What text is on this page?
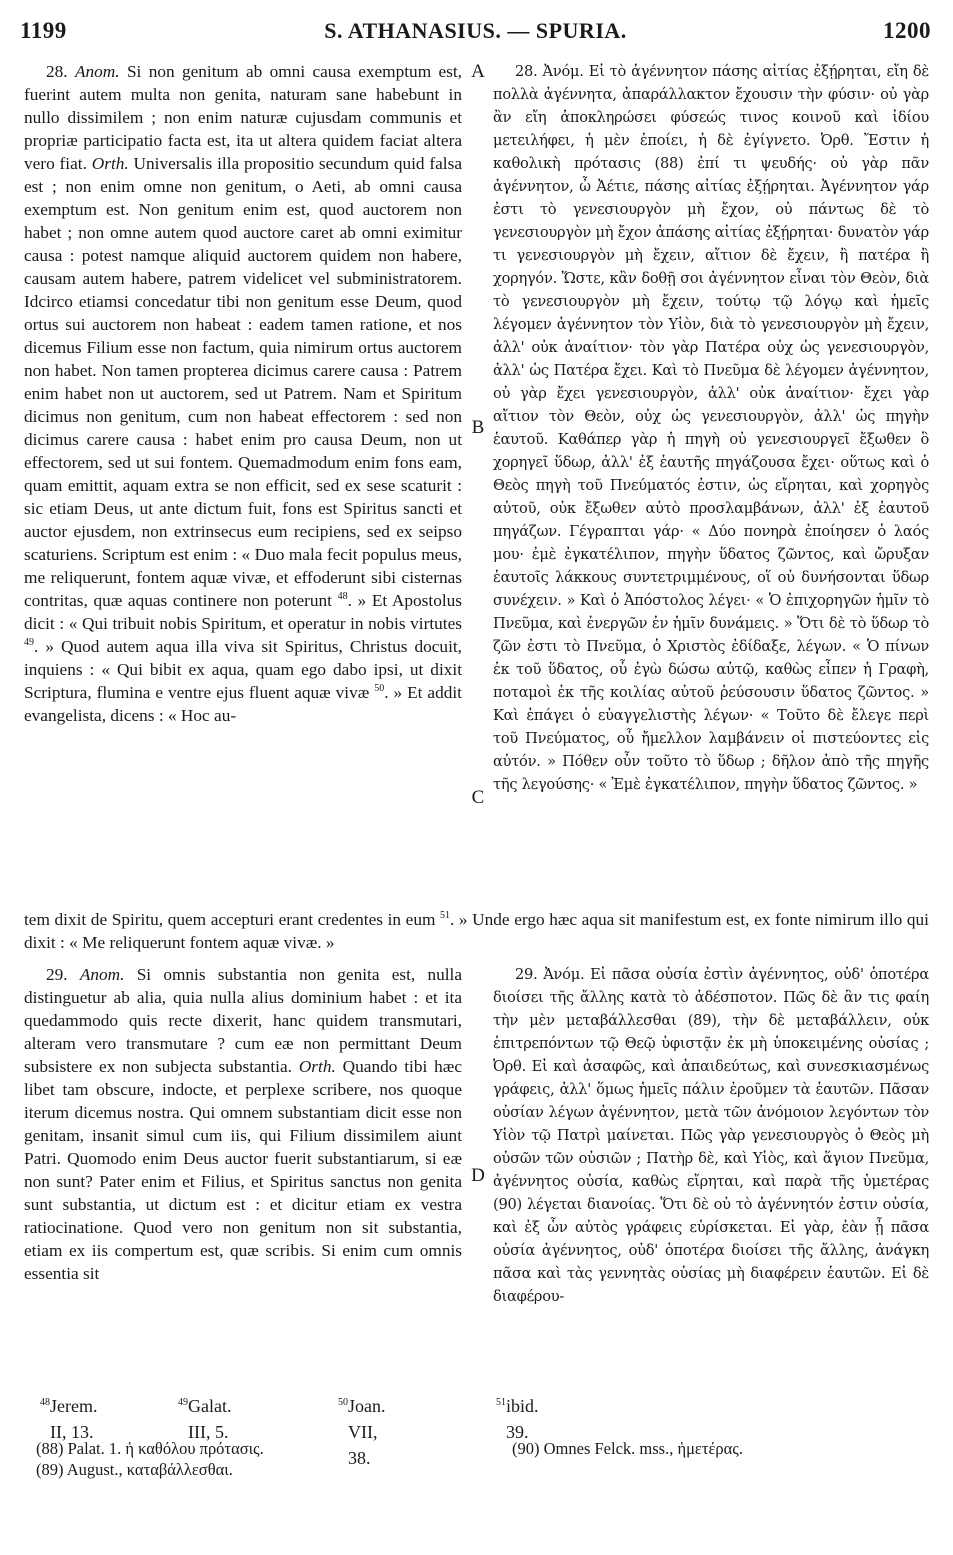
1199	S. ATHANASIUS. — SPURIA.	1200

28. Anom. Si non genitum ab omni causa exemptum est, fuerint autem multa non genita, naturam sane habebunt in nullo dissimilem ; non enim naturæ cujusdam communis et propriæ participatio facta est, ita ut altera quidem faciat altera vero fiat. Orth. Universalis illa propositio secundum quid falsa est ; non enim omne non genitum, o Aeti, ab omni causa exemptum est. Non genitum enim est, quod auctorem non habet ; non omne autem quod auctore caret ab omni eximitur causa : potest namque aliquid auctorem quidem non habere, causam autem habere, patrem videlicet vel subministratorem. Idcirco etiamsi concedatur tibi non genitum esse Deum, quod ortus sui auctorem non habeat : eadem tamen ratione, et nos dicemus Filium esse non factum, quia nimirum ortus auctorem non habet. Non tamen propterea dicimus carere causa : Patrem enim habet non ut auctorem, sed ut Patrem. Nam et Spiritum dicimus non genitum, cum non habeat effectorem : sed non dicimus carere causa : habet enim pro causa Deum, non ut effectorem, sed ut sui fontem. Quemadmodum enim fons eam, quam emittit, aquam extra se non efficit, sed ex sese scaturit : sic etiam Deus, ut ante dictum fuit, fons est Spiritus sancti et auctor ejusdem, non extrinsecus eum recipiens, sed ex seipso scaturiens. Scriptum est enim : « Duo mala fecit populus meus, me reliquerunt, fontem aquæ vivæ, et effoderunt sibi cisternas contritas, quæ aquas continere non poterunt $^{48}$. » Et Apostolus dicit : « Qui tribuit nobis Spiritum, et operatur in nobis virtutes $^{49}$. » Quod autem aqua illa viva sit Spiritus, Christus docuit, inquiens : « Qui bibit ex aqua, quam ego dabo ipsi, ut dixit Scriptura, flumina e ventre ejus fluent aquæ vivæ $^{50}$. » Et addit evangelista, dicens : « Hoc au-

28. Ἀνόμ. Εἰ τὸ ἀγέννητον πάσης αἰτίας ἐξῄρηται, εἴη δὲ πολλὰ ἀγέννητα, ἀπαράλλακτον ἔχουσιν τὴν φύσιν· οὐ γὰρ ἂν εἴη ἀποκληρώσει φύσεώς τινος κοινοῦ καὶ ἰδίου μετειλήφει, ἡ μὲν ἐποίει, ἡ δὲ ἐγίγνετο. Ὀρθ. Ἔστιν ἡ καθολικὴ πρότασις (88) ἐπί τι ψευδής· οὐ γὰρ πᾶν ἀγέννητον, ὦ Ἀέτιε, πάσης αἰτίας ἐξῄρηται. Ἀγέννητον γάρ ἐστι τὸ γενεσιουργὸν μὴ ἔχον, οὐ πάντως δὲ τὸ γενεσιουργὸν μὴ ἔχον ἁπάσης αἰτίας ἐξῄρηται· δυνατὸν γάρ τι γενεσιουργὸν μὴ ἔχειν, αἴτιον δὲ ἔχειν, ἢ πατέρα ἢ χορηγόν. Ὥστε, κἂν δοθῇ σοι ἀγέννητον εἶναι τὸν Θεὸν, διὰ τὸ γενεσιουργὸν μὴ ἔχειν, τούτῳ τῷ λόγῳ καὶ ἡμεῖς λέγομεν ἀγέννητον τὸν Υἱὸν, διὰ τὸ γενεσιουργὸν μὴ ἔχειν, ἀλλ' οὐκ ἀναίτιον· τὸν γὰρ Πατέρα οὐχ ὡς γενεσιουργὸν, ἀλλ' ὡς Πατέρα ἔχει. Καὶ τὸ Πνεῦμα δὲ λέγομεν ἀγέννητον, οὐ γὰρ ἔχει γενεσιουργὸν, ἀλλ' οὐκ ἀναίτιον· ἔχει γὰρ αἴτιον τὸν Θεὸν, οὐχ ὡς γενεσιουργὸν, ἀλλ' ὡς πηγὴν ἑαυτοῦ. Καθάπερ γὰρ ἡ πηγὴ οὐ γενεσιουργεῖ ἔξωθεν ὃ χορηγεῖ ὕδωρ, ἀλλ' ἐξ ἑαυτῆς πηγάζουσα ἔχει· οὕτως καὶ ὁ Θεὸς πηγὴ τοῦ Πνεύματός ἐστιν, ὡς εἴρηται, καὶ χορηγὸς αὐτοῦ, οὐκ ἔξωθεν αὐτὸ προσλαμβάνων, ἀλλ' ἐξ ἑαυτοῦ πηγάζων. Γέγραπται γάρ· « Δύο πονηρὰ ἐποίησεν ὁ λαός μου· ἐμὲ ἐγκατέλιπον, πηγὴν ὕδατος ζῶντος, καὶ ὤρυξαν ἑαυτοῖς λάκκους συντετριμμένους, οἵ οὐ δυνήσονται ὕδωρ συνέχειν. » Καὶ ὁ Ἀπόστολος λέγει· « Ὁ ἐπιχορηγῶν ἡμῖν τὸ Πνεῦμα, καὶ ἐνεργῶν ἐν ἡμῖν δυνάμεις. » Ὅτι δὲ τὸ ὕδωρ τὸ ζῶν ἐστι τὸ Πνεῦμα, ὁ Χριστὸς ἐδίδαξε, λέγων. « Ὁ πίνων ἐκ τοῦ ὕδατος, οὗ ἐγὼ δώσω αὐτῷ, καθὼς εἶπεν ἡ Γραφὴ, ποταμοὶ ἐκ τῆς κοιλίας αὐτοῦ ῥεύσουσιν ὕδατος ζῶντος. » Καὶ ἐπάγει ὁ εὐαγγελιστὴς λέγων· « Τοῦτο δὲ ἔλεγε περὶ τοῦ Πνεύματος, οὗ ἤμελλον λαμβάνειν οἱ πιστεύοντες εἰς αὐτόν. » Πόθεν οὖν τοῦτο τὸ ὕδωρ ; δῆλον ἀπὸ τῆς πηγῆς τῆς λεγούσης· « Ἐμὲ ἐγκατέλιπον, πηγὴν ὕδατος ζῶντος. »

A
B
C
D
tem dixit de Spiritu, quem accepturi erant credentes in eum $^{51}$. » Unde ergo hæc aqua sit manifestum est, ex fonte nimirum illo qui dixit : « Me reliquerunt fontem aquæ vivæ. »

29. Anom. Si omnis substantia non genita est, nulla distinguetur ab alia, quia nulla alius dominium habet : et ita quedammodo quis recte dixerit, hanc quidem transmutari, alteram vero transmutare ? cum eæ non permittant Deum subsistere ex non subjecta substantia. Orth. Quando tibi hæc libet tam obscure, indocte, et perplexe scribere, nos quoque iterum dicemus nostra. Qui omnem substantiam dicit esse non genitam, insanit simul cum iis, qui Filium dissimilem aiunt Patri. Quomodo enim Deus auctor fuerit substantiarum, si eæ non sunt? Pater enim et Filius, et Spiritus sanctus non genita sunt substantia, ut dictum est : et dicitur etiam ex vestra ratiocinatione. Quod vero non genitum non sit substantia, etiam ex iis compertum est, quæ scribis. Si enim cum omnis essentia sit

29. Ἀνόμ. Εἰ πᾶσα οὐσία ἐστὶν ἀγέννητος, οὐδ' ὁποτέρα διοίσει τῆς ἄλλης κατὰ τὸ ἀδέσποτον. Πῶς δὲ ἂν τις φαίη τὴν μὲν μεταβάλλεσθαι (89), τὴν δὲ μεταβάλλειν, οὐκ ἐπιτρεπόντων τῷ Θεῷ ὑφιστᾷν ἐκ μὴ ὑποκειμένης οὐσίας ; Ὀρθ. Εἰ καὶ ἀσαφῶς, καὶ ἀπαιδεύτως, καὶ συνεσκιασμένως γράφεις, ἀλλ' ὅμως ἡμεῖς πάλιν ἐροῦμεν τὰ ἑαυτῶν. Πᾶσαν οὐσίαν λέγων ἀγέννητον, μετὰ τῶν ἀνόμοιον λεγόντων τὸν Υἱὸν τῷ Πατρὶ μαίνεται. Πῶς γὰρ γενεσιουργὸς ὁ Θεὸς μὴ οὐσῶν τῶν οὐσιῶν ; Πατὴρ δὲ, καὶ Υἱὸς, καὶ ἅγιον Πνεῦμα, ἀγέννητος οὐσία, καθὼς εἴρηται, καὶ παρὰ τῆς ὑμετέρας (90) λέγεται διανοίας. Ὅτι δὲ οὐ τὸ ἀγέννητόν ἐστιν οὐσία, καὶ ἐξ ὧν αὐτὸς γράφεις εὑρίσκεται. Εἰ γὰρ, ἐὰν ᾖ πᾶσα οὐσία ἀγέννητος, οὐδ' ὁποτέρα διοίσει τῆς ἄλλης, ἀνάγκη πᾶσα καὶ τὰς γεννητὰς οὐσίας μὴ διαφέρειν ἑαυτῶν. Εἰ δὲ διαφέρου-

$^{48}$ Jerem. II, 13.
$^{49}$ Galat. III, 5.
$^{50}$ Joan. VII, 38.
$^{51}$ ibid. 39.
(88) Palat. 1. ἡ καθόλου πρότασις.
(89) August., καταβάλλεσθαι.
(90) Omnes Felck. mss., ἡμετέρας.
